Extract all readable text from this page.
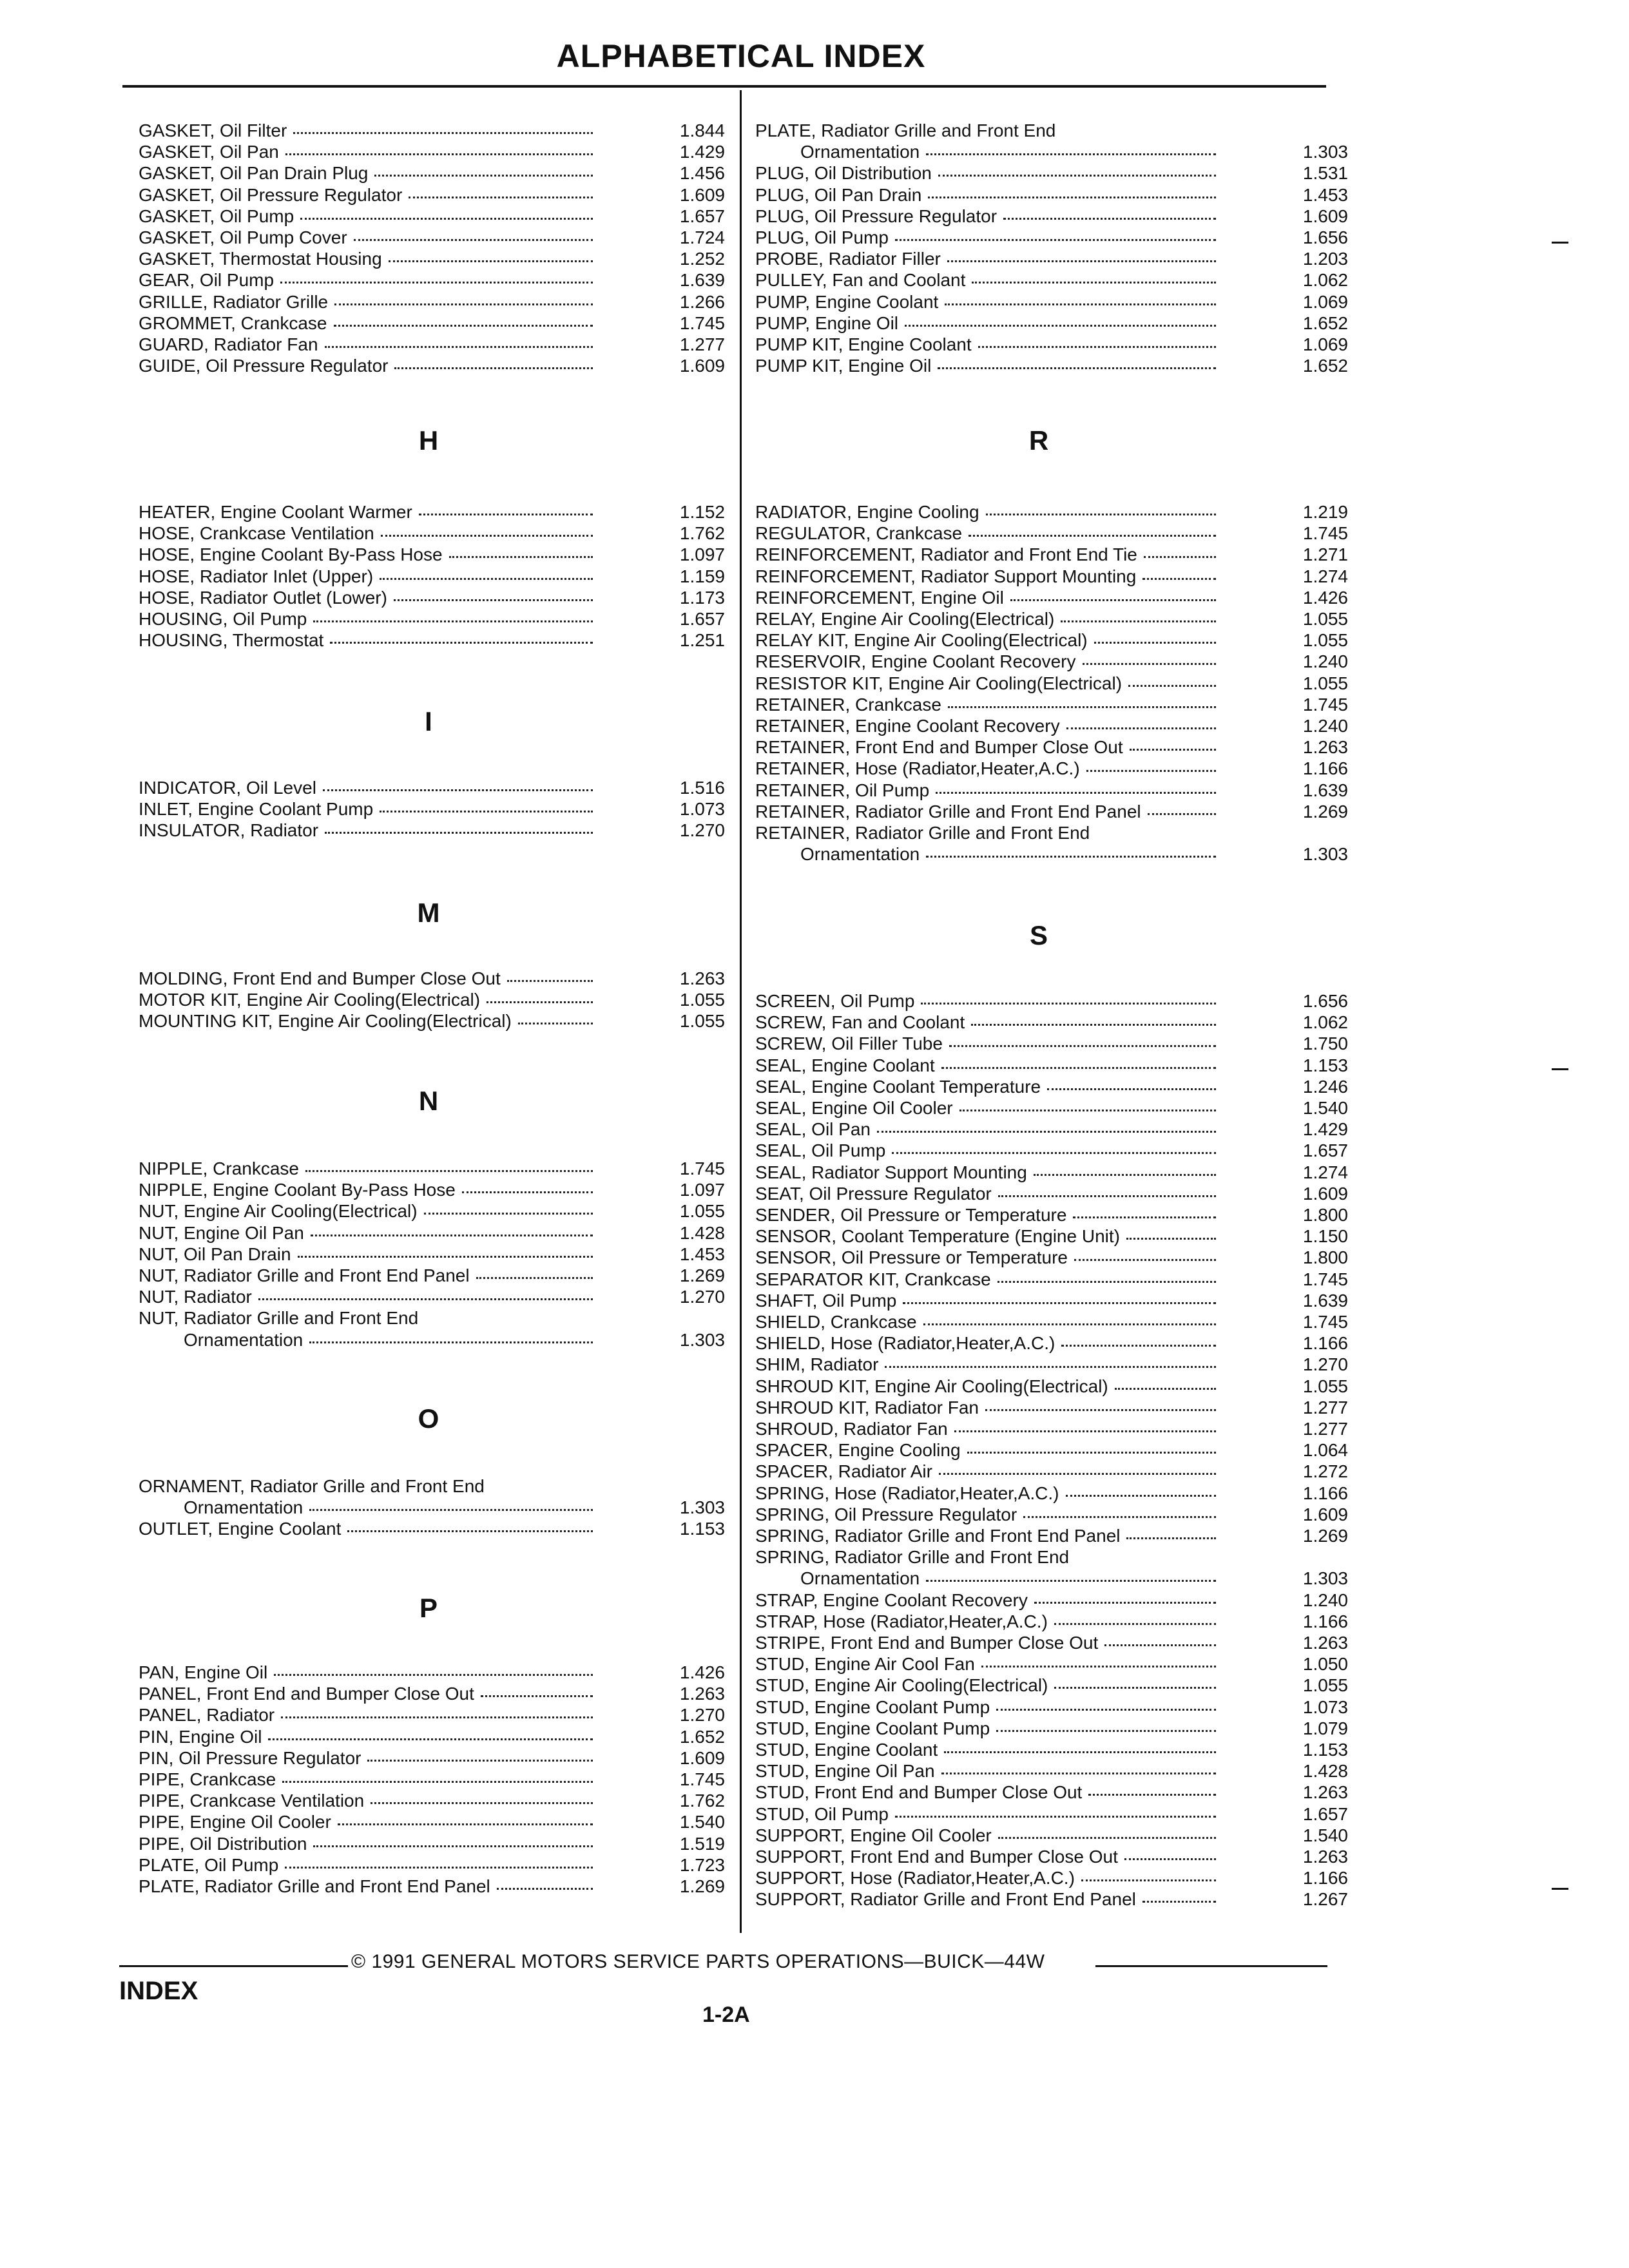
ALPHABETICAL INDEX
GASKET, Oil Filter	1.844
GASKET, Oil Pan	1.429
GASKET, Oil Pan Drain Plug	1.456
GASKET, Oil Pressure Regulator	1.609
GASKET, Oil Pump	1.657
GASKET, Oil Pump Cover	1.724
GASKET, Thermostat Housing	1.252
GEAR, Oil Pump	1.639
GRILLE, Radiator Grille	1.266
GROMMET, Crankcase	1.745
GUARD, Radiator Fan	1.277
GUIDE, Oil Pressure Regulator	1.609
H
HEATER, Engine Coolant Warmer	1.152
HOSE, Crankcase Ventilation	1.762
HOSE, Engine Coolant By-Pass Hose	1.097
HOSE, Radiator Inlet (Upper)	1.159
HOSE, Radiator Outlet (Lower)	1.173
HOUSING, Oil Pump	1.657
HOUSING, Thermostat	1.251
I
INDICATOR, Oil Level	1.516
INLET, Engine Coolant Pump	1.073
INSULATOR, Radiator	1.270
M
MOLDING, Front End and Bumper Close Out	1.263
MOTOR KIT, Engine Air Cooling(Electrical)	1.055
MOUNTING KIT, Engine Air Cooling(Electrical)	1.055
N
NIPPLE, Crankcase	1.745
NIPPLE, Engine Coolant By-Pass Hose	1.097
NUT, Engine Air Cooling(Electrical)	1.055
NUT, Engine Oil Pan	1.428
NUT, Oil Pan Drain	1.453
NUT, Radiator Grille and Front End Panel	1.269
NUT, Radiator	1.270
NUT, Radiator Grille and Front End
Ornamentation	1.303
O
ORNAMENT, Radiator Grille and Front End
Ornamentation	1.303
OUTLET, Engine Coolant	1.153
P
PAN, Engine Oil	1.426
PANEL, Front End and Bumper Close Out	1.263
PANEL, Radiator	1.270
PIN, Engine Oil	1.652
PIN, Oil Pressure Regulator	1.609
PIPE, Crankcase	1.745
PIPE, Crankcase Ventilation	1.762
PIPE, Engine Oil Cooler	1.540
PIPE, Oil Distribution	1.519
PLATE, Oil Pump	1.723
PLATE, Radiator Grille and Front End Panel	1.269
PLATE, Radiator Grille and Front End
Ornamentation	1.303
PLUG, Oil Distribution	1.531
PLUG, Oil Pan Drain	1.453
PLUG, Oil Pressure Regulator	1.609
PLUG, Oil Pump	1.656
PROBE, Radiator Filler	1.203
PULLEY, Fan and Coolant	1.062
PUMP, Engine Coolant	1.069
PUMP, Engine Oil	1.652
PUMP KIT, Engine Coolant	1.069
PUMP KIT, Engine Oil	1.652
R
RADIATOR, Engine Cooling	1.219
REGULATOR, Crankcase	1.745
REINFORCEMENT, Radiator and Front End Tie	1.271
REINFORCEMENT, Radiator Support Mounting	1.274
REINFORCEMENT, Engine Oil	1.426
RELAY, Engine Air Cooling(Electrical)	1.055
RELAY KIT, Engine Air Cooling(Electrical)	1.055
RESERVOIR, Engine Coolant Recovery	1.240
RESISTOR KIT, Engine Air Cooling(Electrical)	1.055
RETAINER, Crankcase	1.745
RETAINER, Engine Coolant Recovery	1.240
RETAINER, Front End and Bumper Close Out	1.263
RETAINER, Hose (Radiator,Heater,A.C.)	1.166
RETAINER, Oil Pump	1.639
RETAINER, Radiator Grille and Front End Panel	1.269
RETAINER, Radiator Grille and Front End
Ornamentation	1.303
S
SCREEN, Oil Pump	1.656
SCREW, Fan and Coolant	1.062
SCREW, Oil Filler Tube	1.750
SEAL, Engine Coolant	1.153
SEAL, Engine Coolant Temperature	1.246
SEAL, Engine Oil Cooler	1.540
SEAL, Oil Pan	1.429
SEAL, Oil Pump	1.657
SEAL, Radiator Support Mounting	1.274
SEAT, Oil Pressure Regulator	1.609
SENDER, Oil Pressure or Temperature	1.800
SENSOR, Coolant Temperature (Engine Unit)	1.150
SENSOR, Oil Pressure or Temperature	1.800
SEPARATOR KIT, Crankcase	1.745
SHAFT, Oil Pump	1.639
SHIELD, Crankcase	1.745
SHIELD, Hose (Radiator,Heater,A.C.)	1.166
SHIM, Radiator	1.270
SHROUD KIT, Engine Air Cooling(Electrical)	1.055
SHROUD KIT, Radiator Fan	1.277
SHROUD, Radiator Fan	1.277
SPACER, Engine Cooling	1.064
SPACER, Radiator Air	1.272
SPRING, Hose (Radiator,Heater,A.C.)	1.166
SPRING, Oil Pressure Regulator	1.609
SPRING, Radiator Grille and Front End Panel	1.269
SPRING, Radiator Grille and Front End
Ornamentation	1.303
STRAP, Engine Coolant Recovery	1.240
STRAP, Hose (Radiator,Heater,A.C.)	1.166
STRIPE, Front End and Bumper Close Out	1.263
STUD, Engine Air Cool Fan	1.050
STUD, Engine Air Cooling(Electrical)	1.055
STUD, Engine Coolant Pump	1.073
STUD, Engine Coolant Pump	1.079
STUD, Engine Coolant	1.153
STUD, Engine Oil Pan	1.428
STUD, Front End and Bumper Close Out	1.263
STUD, Oil Pump	1.657
SUPPORT, Engine Oil Cooler	1.540
SUPPORT, Front End and Bumper Close Out	1.263
SUPPORT, Hose (Radiator,Heater,A.C.)	1.166
SUPPORT, Radiator Grille and Front End Panel	1.267
© 1991 GENERAL MOTORS SERVICE PARTS OPERATIONS—BUICK—44W
INDEX
1-2A
